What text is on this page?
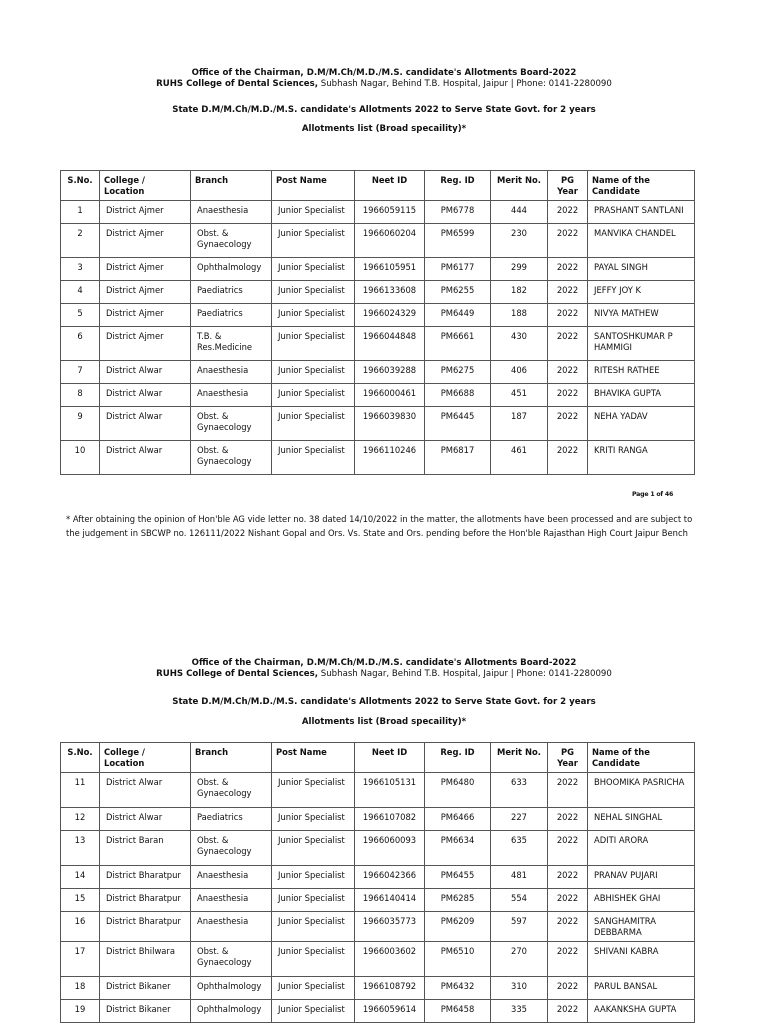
Office of the Chairman, D.M/M.Ch/M.D./M.S. candidate's Allotments Board-2022
RUHS College of Dental Sciences, Subhash Nagar, Behind T.B. Hospital, Jaipur | Phone: 0141-2280090
State D.M/M.Ch/M.D./M.S. candidate's Allotments 2022 to Serve State Govt. for 2 years
Allotments list (Broad specaility)*
S.No.	College / Location	Branch	Post Name	Neet ID	Reg. ID	Merit No.	PG Year	Name of the Candidate
1	District Ajmer	Anaesthesia	Junior Specialist	1966059115	PM6778	444	2022	PRASHANT SANTLANI
2	District Ajmer	Obst. & Gynaecology	Junior Specialist	1966060204	PM6599	230	2022	MANVIKA CHANDEL
3	District Ajmer	Ophthalmology	Junior Specialist	1966105951	PM6177	299	2022	PAYAL SINGH
4	District Ajmer	Paediatrics	Junior Specialist	1966133608	PM6255	182	2022	JEFFY JOY K
5	District Ajmer	Paediatrics	Junior Specialist	1966024329	PM6449	188	2022	NIVYA MATHEW
6	District Ajmer	T.B. & Res.Medicine	Junior Specialist	1966044848	PM6661	430	2022	SANTOSHKUMAR P HAMMIGI
7	District Alwar	Anaesthesia	Junior Specialist	1966039288	PM6275	406	2022	RITESH RATHEE
8	District Alwar	Anaesthesia	Junior Specialist	1966000461	PM6688	451	2022	BHAVIKA GUPTA
9	District Alwar	Obst. & Gynaecology	Junior Specialist	1966039830	PM6445	187	2022	NEHA YADAV
10	District Alwar	Obst. & Gynaecology	Junior Specialist	1966110246	PM6817	461	2022	KRITI RANGA
Page 1 of 46
* After obtaining the opinion of Hon'ble AG vide letter no. 38 dated 14/10/2022 in the matter, the allotments have been processed and are subject to the judgement in SBCWP no. 126111/2022 Nishant Gopal and Ors. Vs. State and Ors. pending before the Hon'ble Rajasthan High Court Jaipur Bench
Office of the Chairman, D.M/M.Ch/M.D./M.S. candidate's Allotments Board-2022
RUHS College of Dental Sciences, Subhash Nagar, Behind T.B. Hospital, Jaipur | Phone: 0141-2280090
State D.M/M.Ch/M.D./M.S. candidate's Allotments 2022 to Serve State Govt. for 2 years
Allotments list (Broad specaility)*
S.No.	College / Location	Branch	Post Name	Neet ID	Reg. ID	Merit No.	PG Year	Name of the Candidate
11	District Alwar	Obst. & Gynaecology	Junior Specialist	1966105131	PM6480	633	2022	BHOOMIKA PASRICHA
12	District Alwar	Paediatrics	Junior Specialist	1966107082	PM6466	227	2022	NEHAL SINGHAL
13	District Baran	Obst. & Gynaecology	Junior Specialist	1966060093	PM6634	635	2022	ADITI ARORA
14	District Bharatpur	Anaesthesia	Junior Specialist	1966042366	PM6455	481	2022	PRANAV PUJARI
15	District Bharatpur	Anaesthesia	Junior Specialist	1966140414	PM6285	554	2022	ABHISHEK GHAI
16	District Bharatpur	Anaesthesia	Junior Specialist	1966035773	PM6209	597	2022	SANGHAMITRA DEBBARMA
17	District Bhilwara	Obst. & Gynaecology	Junior Specialist	1966003602	PM6510	270	2022	SHIVANI KABRA
18	District Bikaner	Ophthalmology	Junior Specialist	1966108792	PM6432	310	2022	PARUL BANSAL
19	District Bikaner	Ophthalmology	Junior Specialist	1966059614	PM6458	335	2022	AAKANKSHA GUPTA
